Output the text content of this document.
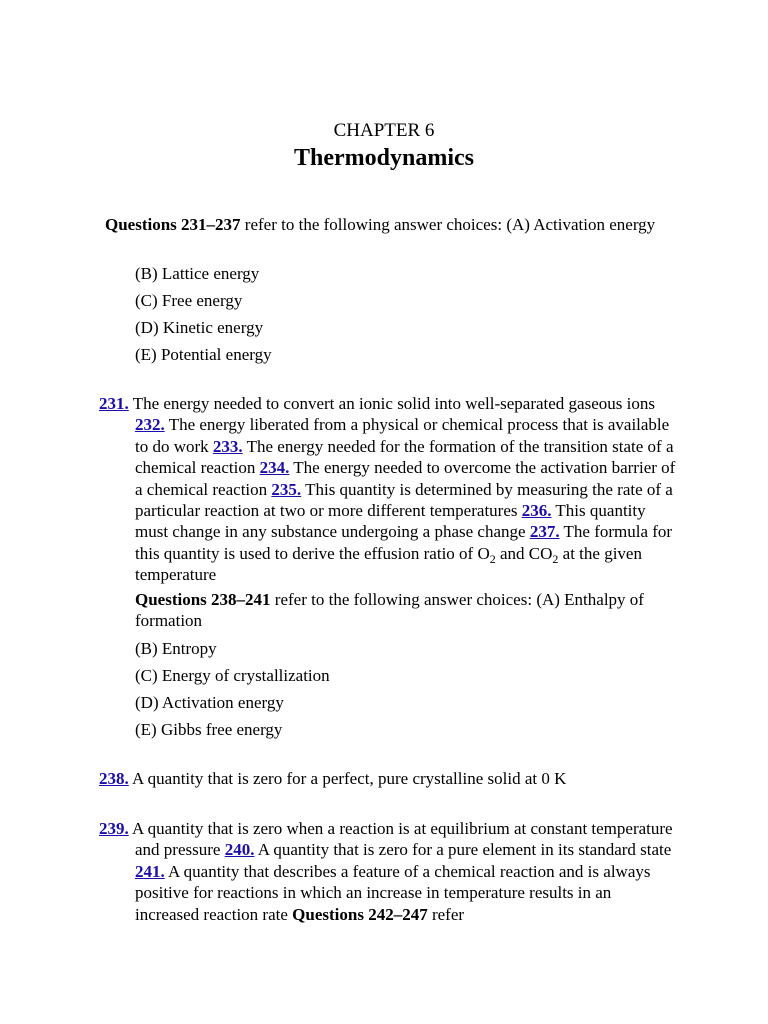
CHAPTER 6
Thermodynamics
Questions 231–237 refer to the following answer choices: (A) Activation energy
(B) Lattice energy
(C) Free energy
(D) Kinetic energy
(E) Potential energy
231. The energy needed to convert an ionic solid into well-separated gaseous ions 232. The energy liberated from a physical or chemical process that is available to do work 233. The energy needed for the formation of the transition state of a chemical reaction 234. The energy needed to overcome the activation barrier of a chemical reaction 235. This quantity is determined by measuring the rate of a particular reaction at two or more different temperatures 236. This quantity must change in any substance undergoing a phase change 237. The formula for this quantity is used to derive the effusion ratio of $O_2$ and $CO_2$ at the given temperature
Questions 238–241 refer to the following answer choices: (A) Enthalpy of formation
(B) Entropy
(C) Energy of crystallization
(D) Activation energy
(E) Gibbs free energy
238. A quantity that is zero for a perfect, pure crystalline solid at 0 K
239. A quantity that is zero when a reaction is at equilibrium at constant temperature and pressure 240. A quantity that is zero for a pure element in its standard state 241. A quantity that describes a feature of a chemical reaction and is always positive for reactions in which an increase in temperature results in an increased reaction rate Questions 242–247 refer
